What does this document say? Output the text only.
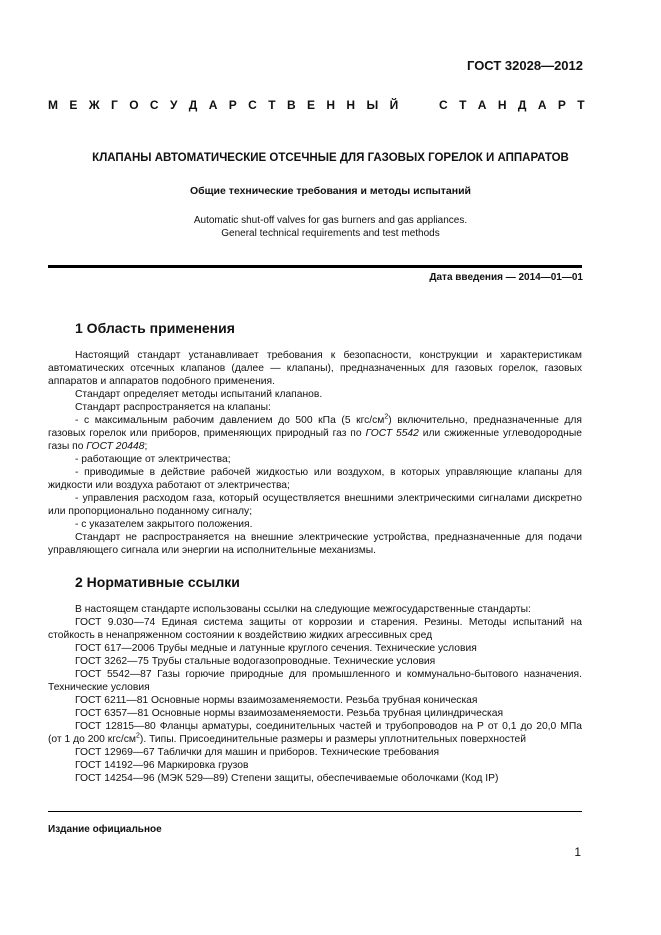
ГОСТ 32028—2012
М Е Ж Г О С У Д А Р С Т В Е Н Н Ы Й

	С Т А Н Д А Р Т
КЛАПАНЫ АВТОМАТИЧЕСКИЕ ОТСЕЧНЫЕ ДЛЯ ГАЗОВЫХ ГОРЕЛОК И АППАРАТОВ
Общие технические требования и методы испытаний
Automatic shut-off valves for gas burners and gas appliances.
General technical requirements and test methods
Дата введения — 2014—01—01
1 Область применения

Настоящий стандарт устанавливает требования к безопасности, конструкции и характеристикам автоматических отсечных клапанов (далее — клапаны), предназначенных для газовых горелок, газовых аппаратов и аппаратов подобного применения.

Стандарт определяет методы испытаний клапанов.

Стандарт распространяется на клапаны:

- с максимальным рабочим давлением до 500 кПа (5 кгс/$см^2$) включительно, предназначенные для газовых горелок или приборов, применяющих природный газ по ГОСТ 5542 или сжиженные углеводородные газы по ГОСТ 20448;

- работающие от электричества;

- приводимые в действие рабочей жидкостью или воздухом, в которых управляющие клапаны для жидкости или воздуха работают от электричества;

- управления расходом газа, который осуществляется внешними электрическими сигналами дискретно или пропорционально поданному сигналу;

- с указателем закрытого положения.

Стандарт не распространяется на внешние электрические устройства, предназначенные для подачи управляющего сигнала или энергии на исполнительные механизмы.

2 Нормативные ссылки

В настоящем стандарте использованы ссылки на следующие межгосударственные стандарты:

ГОСТ 9.030—74 Единая система защиты от коррозии и старения. Резины. Методы испытаний на стойкость в ненапряженном состоянии к воздействию жидких агрессивных сред

ГОСТ 617—2006 Трубы медные и латунные круглого сечения. Технические условия

ГОСТ 3262—75 Трубы стальные водогазопроводные. Технические условия

ГОСТ 5542—87 Газы горючие природные для промышленного и коммунально-бытового назначения. Технические условия

ГОСТ 6211—81 Основные нормы взаимозаменяемости. Резьба трубная коническая

ГОСТ 6357—81 Основные нормы взаимозаменяемости. Резьба трубная цилиндрическая

ГОСТ 12815—80 Фланцы арматуры, соединительных частей и трубопроводов на Р от 0,1 до 20,0 МПа (от 1 до 200 кгс/$см^2$). Типы. Присоединительные размеры и размеры уплотнительных поверхностей

ГОСТ 12969—67 Таблички для машин и приборов. Технические требования

ГОСТ 14192—96 Маркировка грузов

ГОСТ 14254—96 (МЭК 529—89) Степени защиты, обеспечиваемые оболочками (Код IP)

Издание официальное
1
